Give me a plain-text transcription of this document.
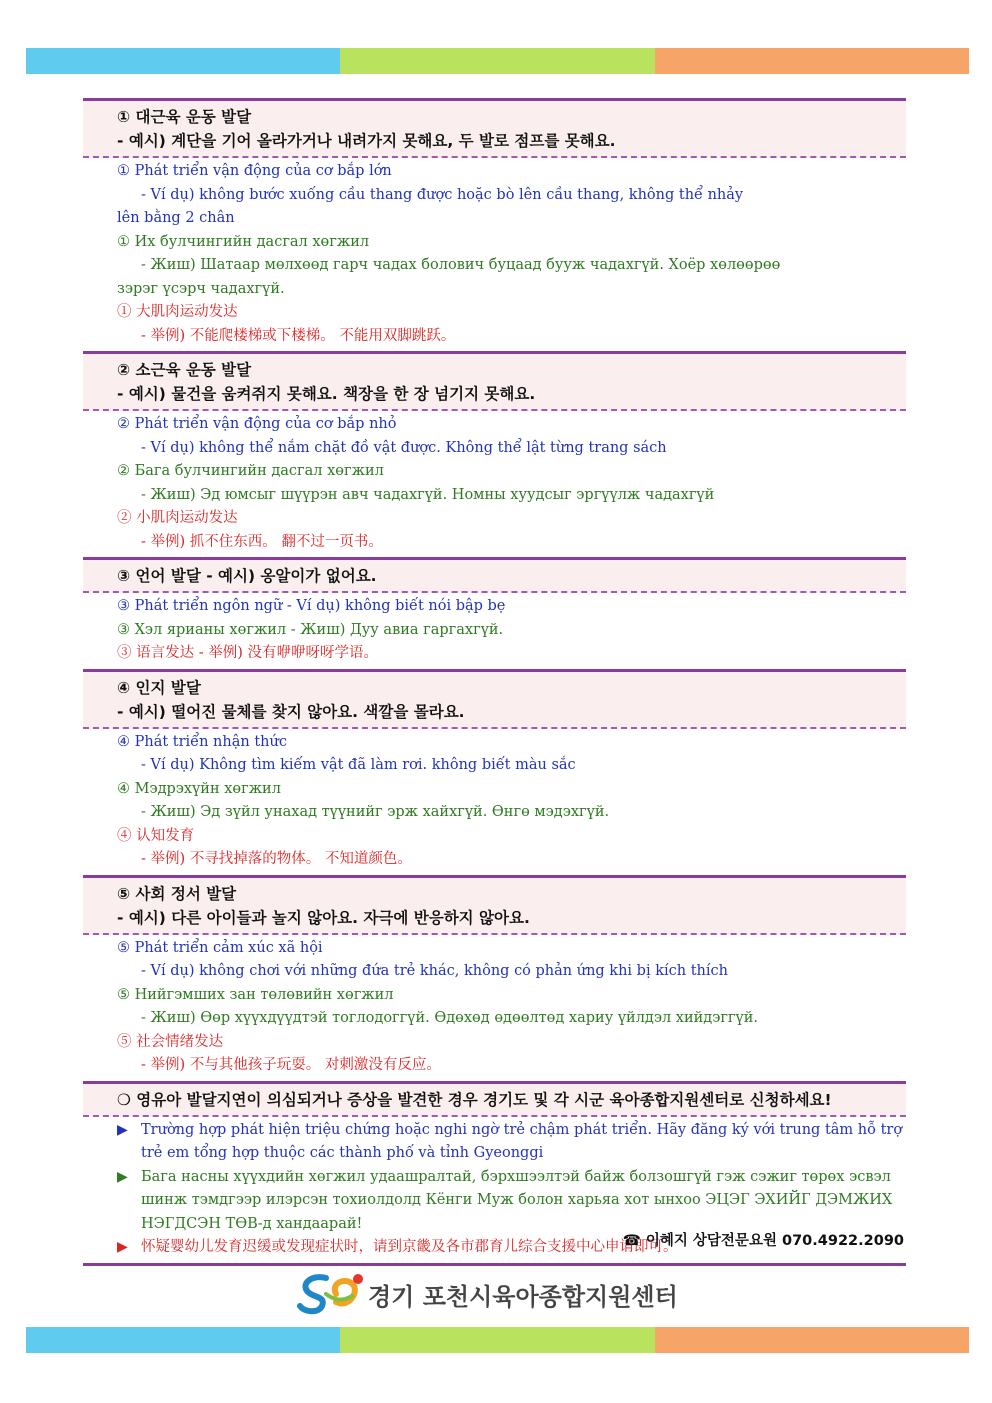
① 대근육 운동 발달
- 예시) 계단을 기어 올라가거나 내려가지 못해요, 두 발로 점프를 못해요.
① Phát triển vận động của cơ bắp lớn
- Ví dụ) không bước xuống cầu thang được hoặc bò lên cầu thang, không thể nhảy
lên bằng 2 chân
① Их булчингийн дасгал хөгжил
- Жиш) Шатаар мөлхөөд гарч чадах болович буцаад бууж чадахгүй. Хоёр хөлөөрөө
зэрэг үсэрч чадахгүй.
① 大肌肉运动发达
- 举例) 不能爬楼梯或下楼梯。 不能用双脚跳跃。
② 소근육 운동 발달
- 예시) 물건을 움켜쥐지 못해요. 책장을 한 장 넘기지 못해요.
② Phát triển vận động của cơ bắp nhỏ
- Ví dụ) không thể nắm chặt đồ vật được. Không thể lật từng trang sách
② Бага булчингийн дасгал хөгжил
- Жиш) Эд юмсыг шүүрэн авч чадахгүй. Номны хуудсыг эргүүлж чадахгүй
② 小肌肉运动发达
- 举例) 抓不住东西。 翻不过一页书。
③ 언어 발달 - 예시) 옹알이가 없어요.
③ Phát triển ngôn ngữ - Ví dụ) không biết nói bập bẹ
③ Хэл ярианы хөгжил - Жиш) Дуу авиа гаргахгүй.
③ 语言发达 - 举例) 没有咿咿呀呀学语。
④ 인지 발달
- 예시) 떨어진 물체를 찾지 않아요. 색깔을 몰라요.
④ Phát triển nhận thức
- Ví dụ) Không tìm kiếm vật đã làm rơi. không biết màu sắc
④ Мэдрэхүйн хөгжил
- Жиш) Эд зүйл унахад түүнийг эрж хайхгүй. Өнгө мэдэхгүй.
④ 认知发育
- 举例) 不寻找掉落的物体。 不知道颜色。
⑤ 사회 정서 발달
- 예시) 다른 아이들과 놀지 않아요. 자극에 반응하지 않아요.
⑤ Phát triển cảm xúc xã hội
- Ví dụ) không chơi với những đứa trẻ khác, không có phản ứng khi bị kích thích
⑤ Нийгэмших зан төлөвийн хөгжил
- Жиш) Өөр хүүхдүүдтэй тоглодоггүй. Өдөхөд өдөөлтөд хариу үйлдэл хийдэггүй.
⑤ 社会情绪发达
- 举例) 不与其他孩子玩耍。 对刺激没有反应。
❍ 영유아 발달지연이 의심되거나 증상을 발견한 경우 경기도 및 각 시군 육아종합지원센터로 신청하세요!
▶ Trường hợp phát hiện triệu chứng hoặc nghi ngờ trẻ chậm phát triển. Hãy đăng ký với trung tâm hỗ trợ trẻ em tổng hợp thuộc các thành phố và tỉnh Gyeonggi
▶ Бага насны хүүхдийн хөгжил удаашралтай, бэрхшээлтэй байж болзошгүй гэж сэжиг төрөх эсвэл шинж тэмдгээр илэрсэн тохиолдолд Кёнги Муж болон харьяа хот ынхоо ЭЦЭГ ЭХИЙГ ДЭМЖИХ НЭГДСЭН ТӨВ-д хандаарай!
▶ 怀疑婴幼儿发育迟缓或发现症状时，请到京畿及各市郡育儿综合支援中心申请即可。
☎ 이혜지 상담전문요원 070.4922.2090
경기 포천시육아종합지원센터
